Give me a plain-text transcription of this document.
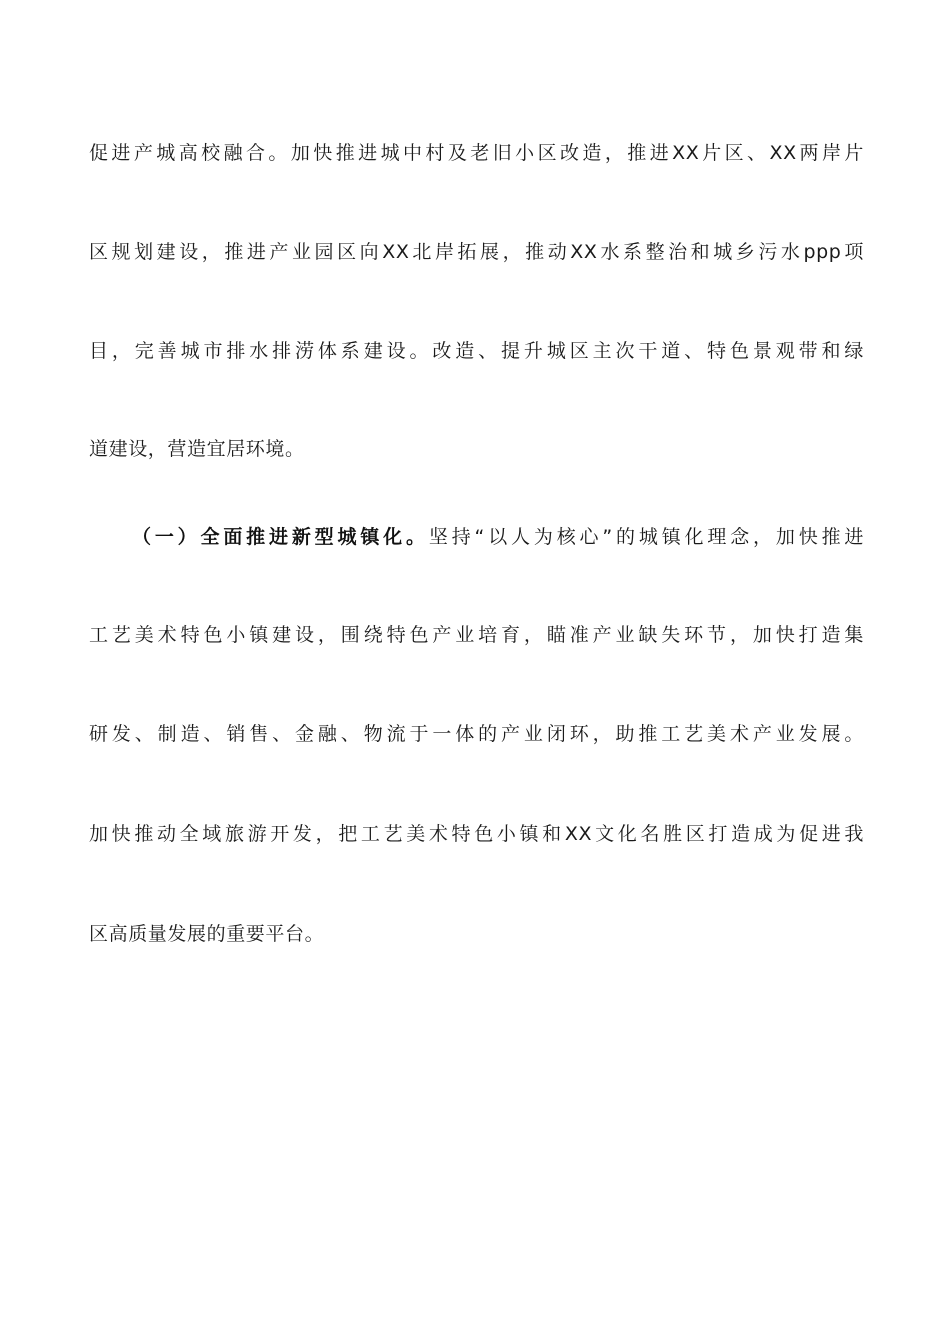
促进产城高校融合。加快推进城中村及老旧小区改造，推进XX片区、XX两岸片
区规划建设，推进产业园区向XX北岸拓展，推动XX水系整治和城乡污水ppp项
目，完善城市排水排涝体系建设。改造、提升城区主次干道、特色景观带和绿
道建设，营造宜居环境。
（一）全面推进新型城镇化。坚持“以人为核心”的城镇化理念，加快推进
工艺美术特色小镇建设，围绕特色产业培育，瞄准产业缺失环节，加快打造集
研发、制造、销售、金融、物流于一体的产业闭环，助推工艺美术产业发展。
加快推动全域旅游开发，把工艺美术特色小镇和XX文化名胜区打造成为促进我
区高质量发展的重要平台。
